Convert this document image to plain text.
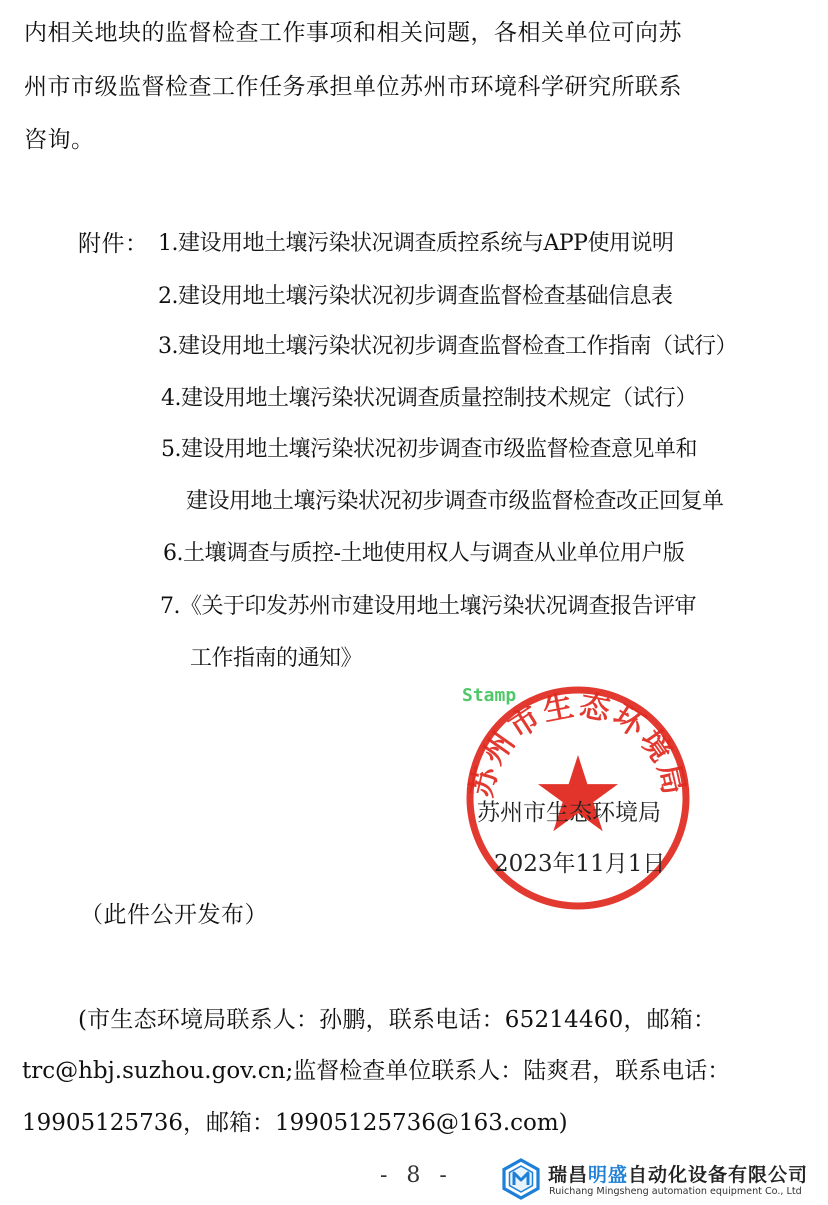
内相关地块的监督检查工作事项和相关问题，各相关单位可向苏
州市市级监督检查工作任务承担单位苏州市环境科学研究所联系
咨询。
附件： 1.建设用地土壤污染状况调查质控系统与APP使用说明
2.建设用地土壤污染状况初步调查监督检查基础信息表
3.建设用地土壤污染状况初步调查监督检查工作指南（试行）
4.建设用地土壤污染状况调查质量控制技术规定（试行）
5.建设用地土壤污染状况初步调查市级监督检查意见单和
建设用地土壤污染状况初步调查市级监督检查改正回复单
6.土壤调查与质控-土地使用权人与调查从业单位用户版
7.《关于印发苏州市建设用地土壤污染状况调查报告评审
工作指南的通知》
苏州市生态环境局
Stamp
苏州市生态环境局
2023年11月1日
（此件公开发布）
(市生态环境局联系人：孙鹏，联系电话：65214460，邮箱：
trc@hbj.suzhou.gov.cn;监督检查单位联系人：陆爽君，联系电话：
19905125736，邮箱：19905125736@163.com)
- 8 -	瑞昌明盛自动化设备有限公司
Ruichang Mingsheng automation equipment Co., Ltd
